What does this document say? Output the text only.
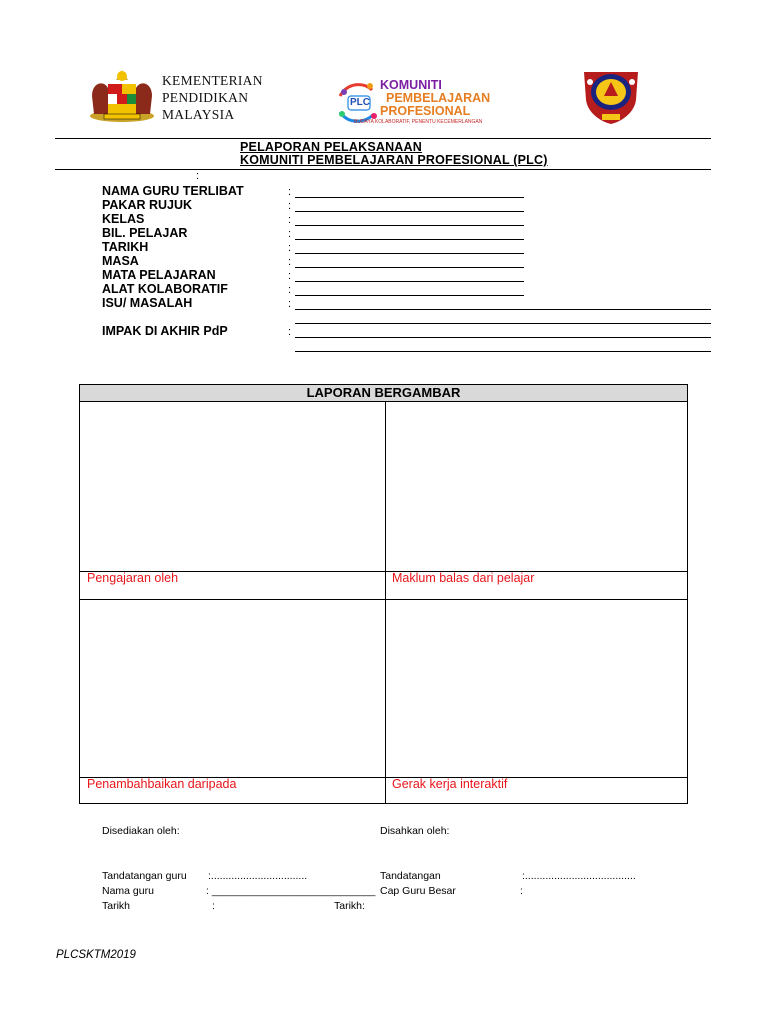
KEMENTERIAN
PENDIDIKAN
MALAYSIA
PLC
KOMUNITI
PEMBELAJARAN
PROFESIONAL
BUDAYA KOLABORATIF, PENENTU KECEMERLANGAN
PELAPORAN PELAKSANAAN
KOMUNITI PEMBELAJARAN PROFESIONAL (PLC)
:
NAMA GURU TERLIBAT	:
PAKAR RUJUK	:
KELAS	:
BIL. PELAJAR	:
TARIKH	:
MASA	:
MATA PELAJARAN	:
ALAT KOLABORATIF	:
ISU/ MASALAH	:
IMPAK DI AKHIR PdP	:
LAPORAN BERGAMBAR
Pengajaran oleh	Maklum balas dari pelajar
Penambahbaikan daripada	Gerak kerja interaktif
Disediakan oleh:	Disahkan oleh:
Tandatangan guru :.................................	Tandatangan	:......................................
Nama guru	: ____________________________ Cap Guru Besar	:
Tarikh	:	Tarikh:
PLCSKTM2019
